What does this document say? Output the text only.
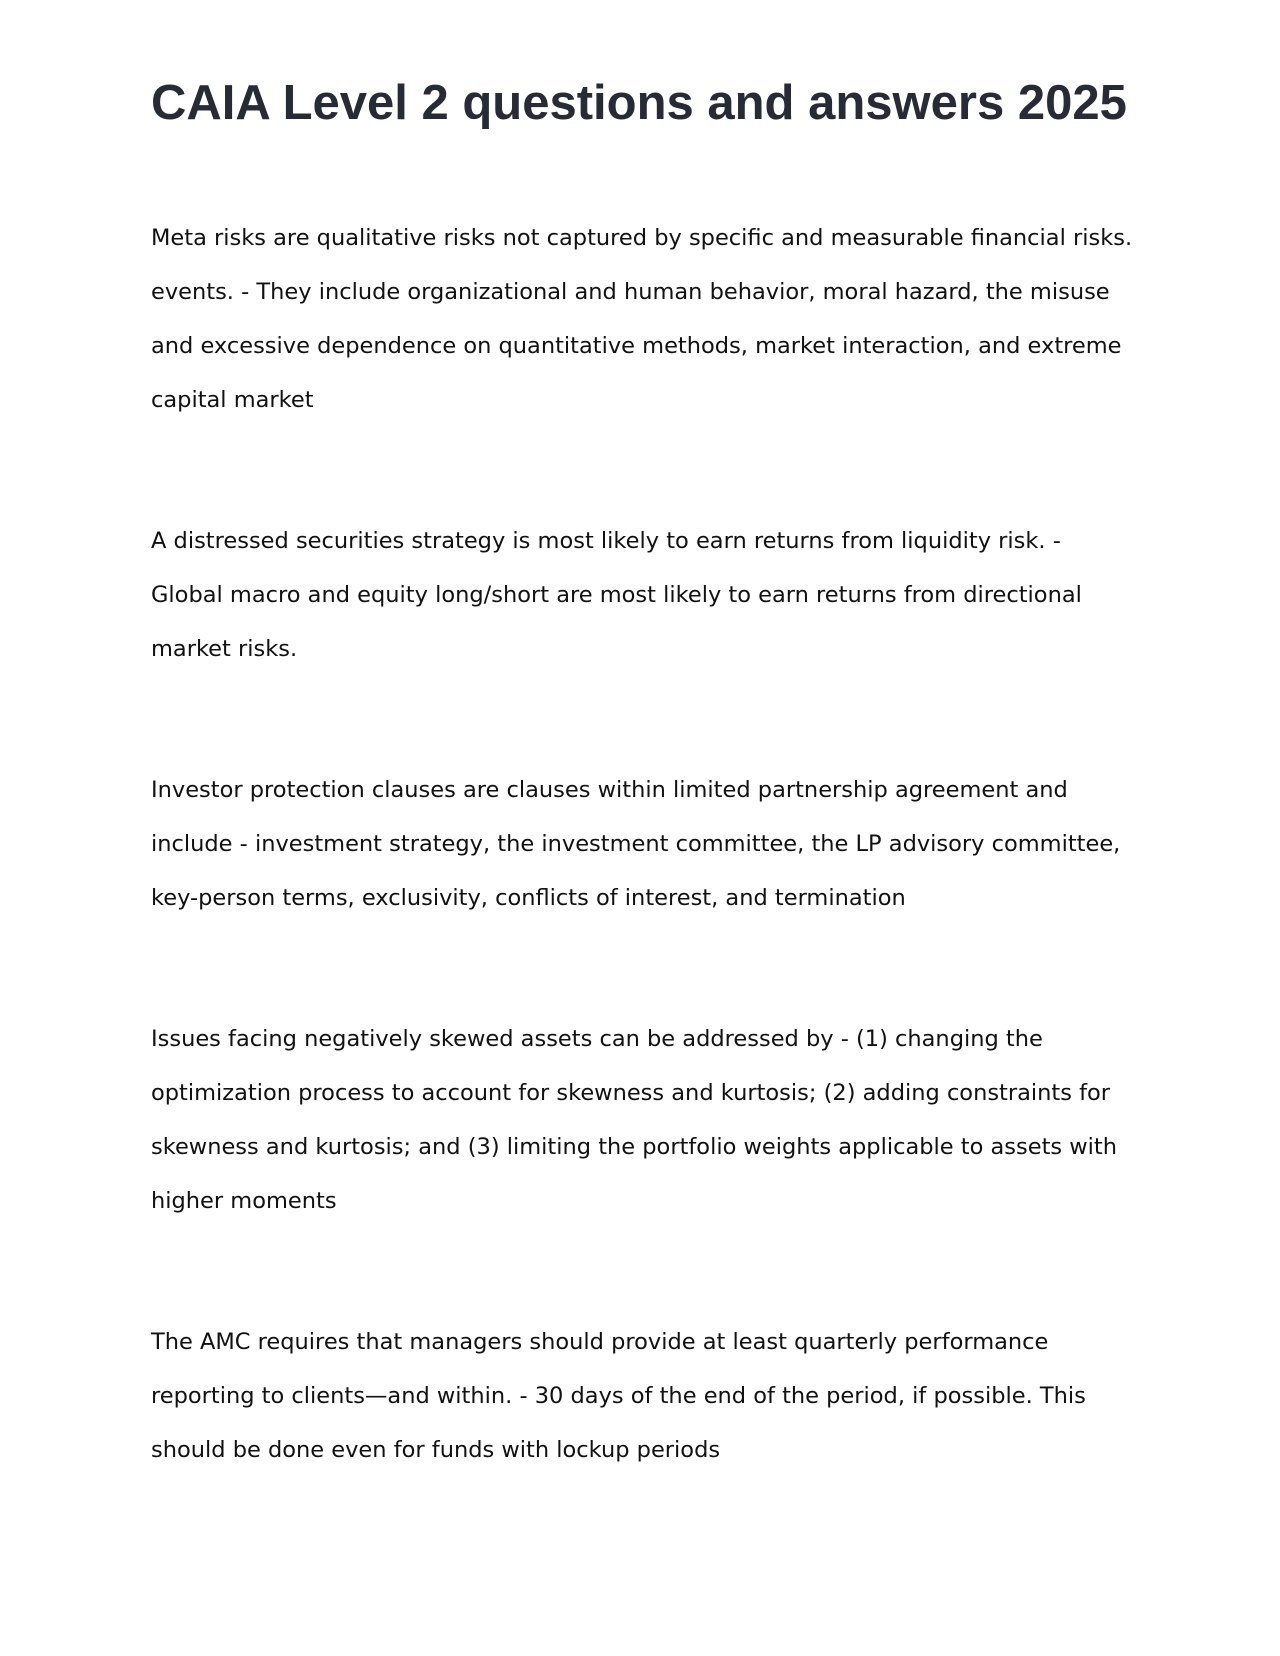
CAIA Level 2 questions and answers 2025

Meta risks are qualitative risks not captured by specific and measurable financial risks. events. - They include organizational and human behavior, moral hazard, the misuse and excessive dependence on quantitative methods, market interaction, and extreme capital market

A distressed securities strategy is most likely to earn returns from liquidity risk. - Global macro and equity long/short are most likely to earn returns from directional market risks.

Investor protection clauses are clauses within limited partnership agreement and include - investment strategy, the investment committee, the LP advisory committee, key-person terms, exclusivity, conflicts of interest, and termination

Issues facing negatively skewed assets can be addressed by - (1) changing the optimization process to account for skewness and kurtosis; (2) adding constraints for skewness and kurtosis; and (3) limiting the portfolio weights applicable to assets with higher moments

The AMC requires that managers should provide at least quarterly performance reporting to clients—and within. - 30 days of the end of the period, if possible. This should be done even for funds with lockup periods
